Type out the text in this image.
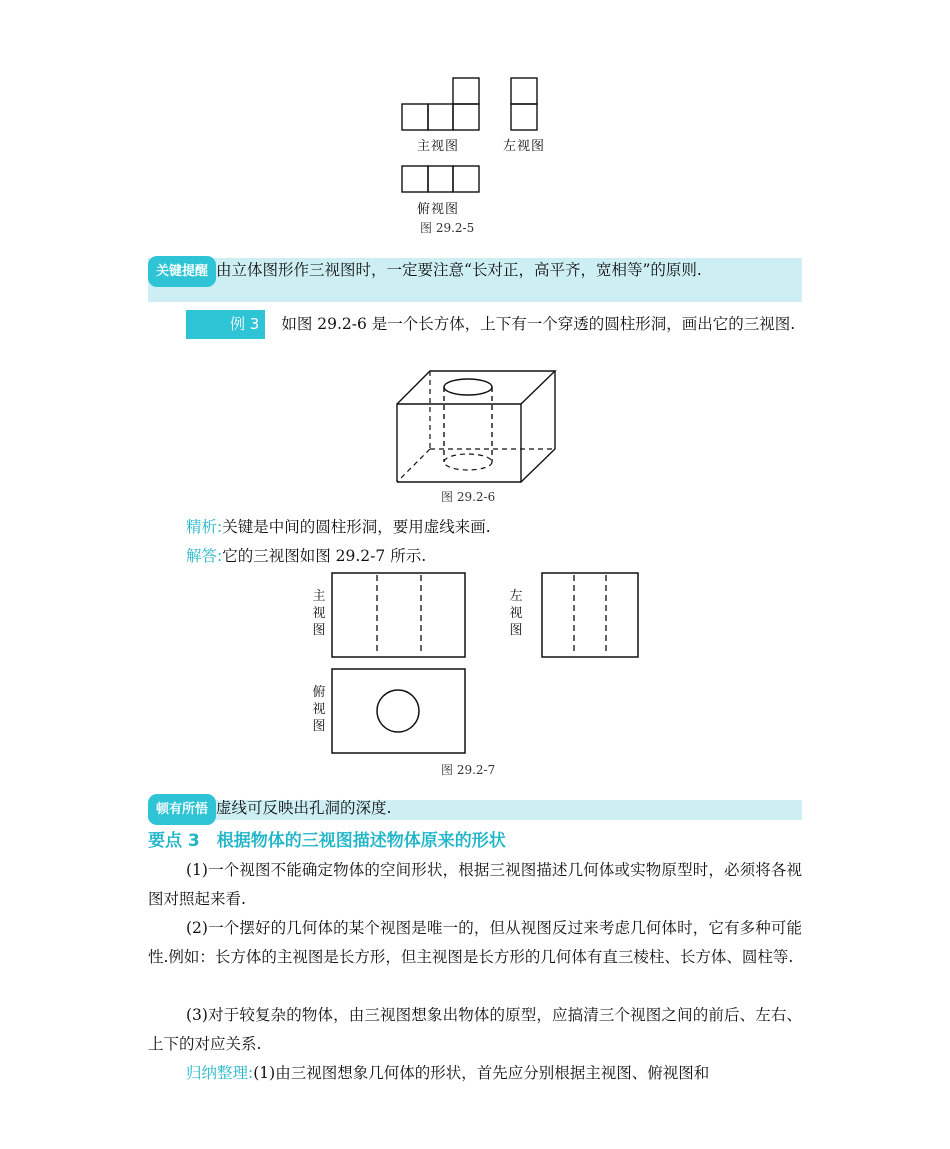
主视图	左视图
俯视图
图 29.2-5
关键提醒 由立体图形作三视图时，一定要注意“长对正，高平齐，宽相等”的原则.
例 3 如图 29.2-6 是一个长方体，上下有一个穿透的圆柱形洞，画出它的三视图.
图 29.2-6
精析:关键是中间的圆柱形洞，要用虚线来画.
解答:它的三视图如图 29.2-7 所示.
主
视
图
左
视
图
俯
视
图
图 29.2-7
顿有所悟 虚线可反映出孔洞的深度.
要点 3　根据物体的三视图描述物体原来的形状
(1)一个视图不能确定物体的空间形状，根据三视图描述几何体或实物原型时，必须将各视图对照起来看.
(2)一个摆好的几何体的某个视图是唯一的，但从视图反过来考虑几何体时，它有多种可能性.例如：长方体的主视图是长方形，但主视图是长方形的几何体有直三棱柱、长方体、圆柱等.
(3)对于较复杂的物体，由三视图想象出物体的原型，应搞清三个视图之间的前后、左右、上下的对应关系.
归纳整理:(1)由三视图想象几何体的形状，首先应分别根据主视图、俯视图和
